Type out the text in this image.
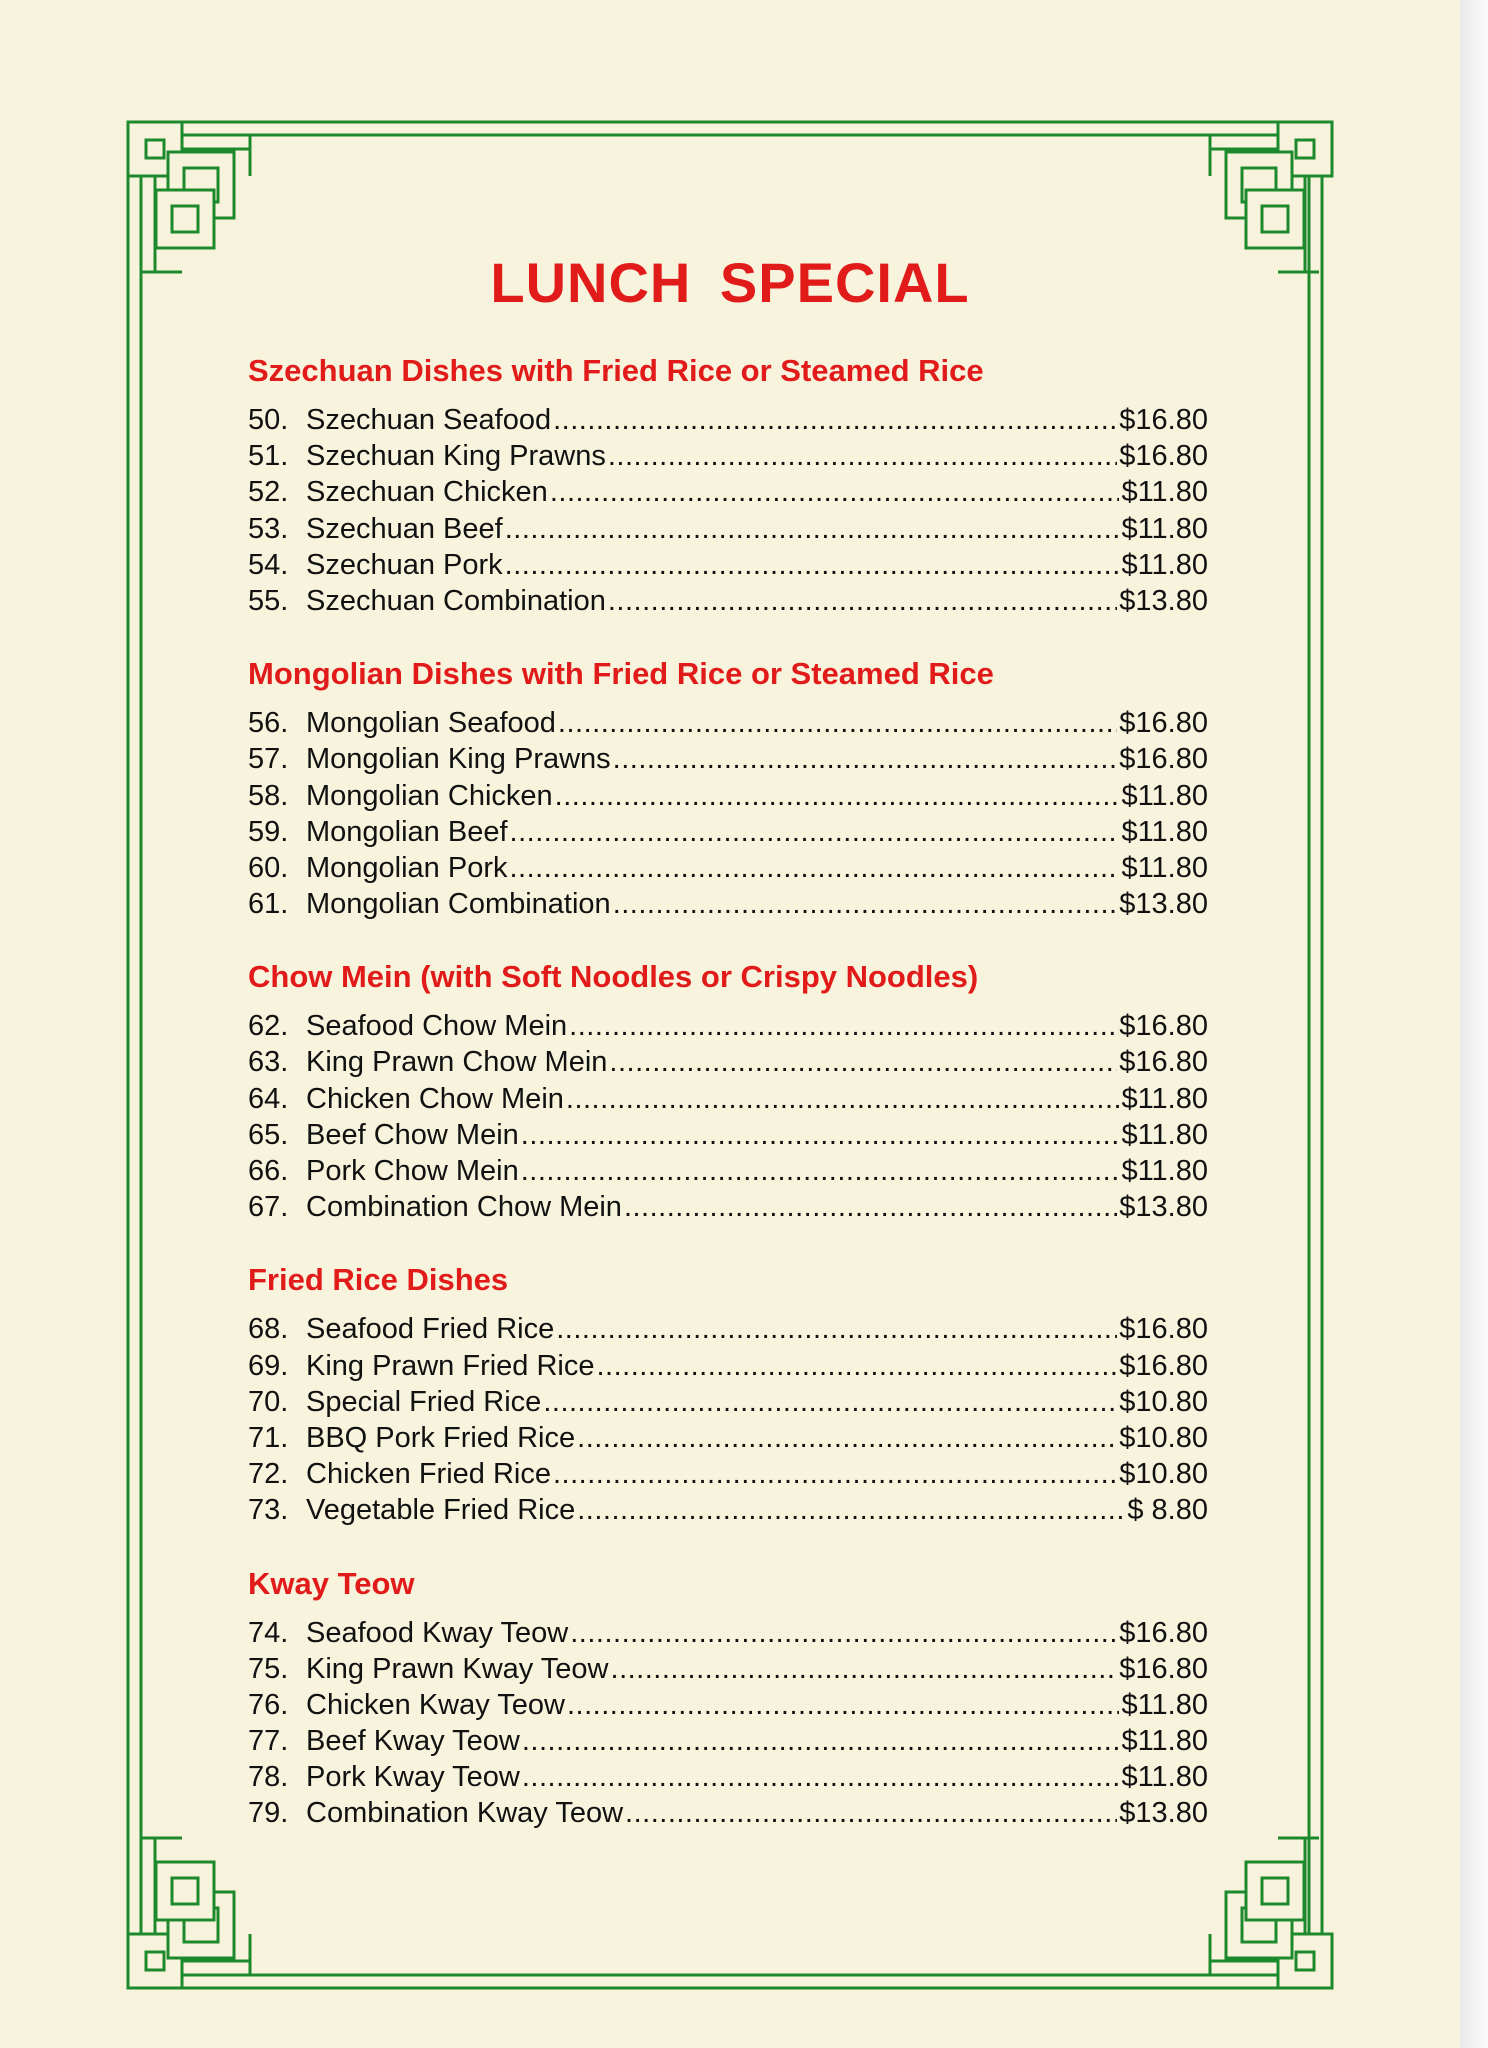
LUNCH SPECIAL
Szechuan Dishes with Fried Rice or Steamed Rice
50. Szechuan Seafood .....	$16.80
51. Szechuan King Prawns .....	$16.80
52. Szechuan Chicken .....	$11.80
53. Szechuan Beef .....	$11.80
54. Szechuan Pork .....	$11.80
55. Szechuan Combination .....	$13.80
Mongolian Dishes with Fried Rice or Steamed Rice
56. Mongolian Seafood .....	$16.80
57. Mongolian King Prawns .....	$16.80
58. Mongolian Chicken .....	$11.80
59. Mongolian Beef .....	$11.80
60. Mongolian Pork .....	$11.80
61. Mongolian Combination .....	$13.80
Chow Mein (with Soft Noodles or Crispy Noodles)
62. Seafood Chow Mein .....	$16.80
63. King Prawn Chow Mein .....	$16.80
64. Chicken Chow Mein .....	$11.80
65. Beef Chow Mein .....	$11.80
66. Pork Chow Mein .....	$11.80
67. Combination Chow Mein .....	$13.80
Fried Rice Dishes
68. Seafood Fried Rice .....	$16.80
69. King Prawn Fried Rice .....	$16.80
70. Special Fried Rice .....	$10.80
71. BBQ Pork Fried Rice .....	$10.80
72. Chicken Fried Rice .....	$10.80
73. Vegetable Fried Rice .....	$ 8.80
Kway Teow
74. Seafood Kway Teow .....	$16.80
75. King Prawn Kway Teow .....	$16.80
76. Chicken Kway Teow .....	$11.80
77. Beef Kway Teow .....	$11.80
78. Pork Kway Teow .....	$11.80
79. Combination Kway Teow .....	$13.80
